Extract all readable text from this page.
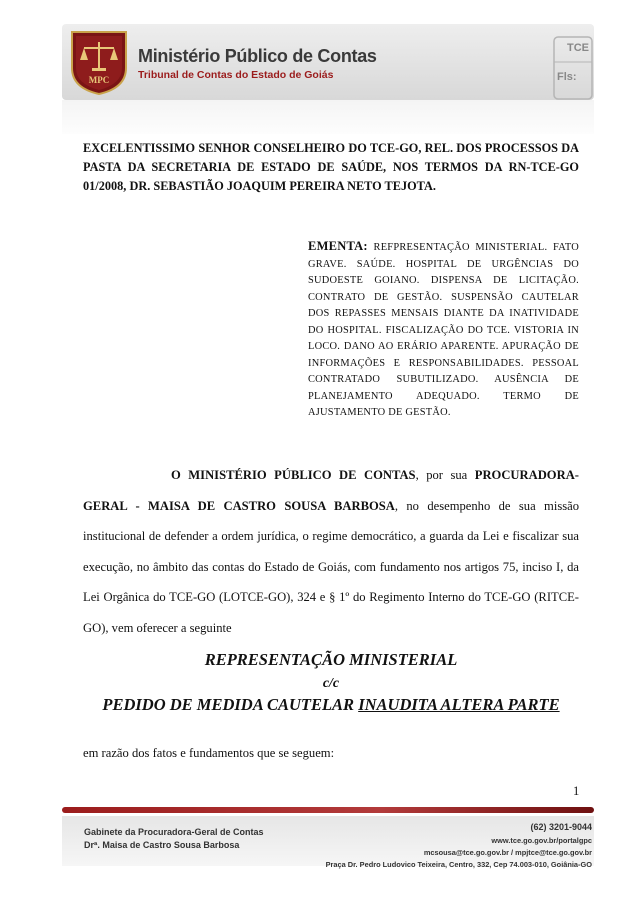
MPC
Ministério Público de Contas
Tribunal de Contas do Estado de Goiás
TCE
Fls:
EXCELENTISSIMO SENHOR CONSELHEIRO DO TCE-GO, REL. DOS PROCESSOS DA PASTA DA SECRETARIA DE ESTADO DE SAÚDE, NOS TERMOS DA RN-TCE-GO 01/2008, DR. SEBASTIÃO JOAQUIM PEREIRA NETO TEJOTA.
EMENTA: REFPRESENTAÇÃO MINISTERIAL. FATO GRAVE. SAÚDE. HOSPITAL DE URGÊNCIAS DO SUDOESTE GOIANO. DISPENSA DE LICITAÇÃO. CONTRATO DE GESTÃO. SUSPENSÃO CAUTELAR DOS REPASSES MENSAIS DIANTE DA INATIVIDADE DO HOSPITAL. FISCALIZAÇÃO DO TCE. VISTORIA IN LOCO. DANO AO ERÁRIO APARENTE. APURAÇÃO DE INFORMAÇÕES E RESPONSABILIDADES. PESSOAL CONTRATADO SUBUTILIZADO. AUSÊNCIA DE PLANEJAMENTO ADEQUADO. TERMO DE AJUSTAMENTO DE GESTÃO.
O MINISTÉRIO PÚBLICO DE CONTAS, por sua PROCURADORA-GERAL - MAISA DE CASTRO SOUSA BARBOSA, no desempenho de sua missão institucional de defender a ordem jurídica, o regime democrático, a guarda da Lei e fiscalizar sua execução, no âmbito das contas do Estado de Goiás, com fundamento nos artigos 75, inciso I, da Lei Orgânica do TCE-GO (LOTCE-GO), 324 e § 1º do Regimento Interno do TCE-GO (RITCE-GO), vem oferecer a seguinte
REPRESENTAÇÃO MINISTERIAL
c/c
PEDIDO DE MEDIDA CAUTELAR INAUDITA ALTERA PARTE
em razão dos fatos e fundamentos que se seguem:
1
Gabinete da Procuradora-Geral de Contas
Drª. Maisa de Castro Sousa Barbosa
(62) 3201-9044
www.tce.go.gov.br/portalgpc
mcsousa@tce.go.gov.br / mpjtce@tce.go.gov.br
Praça Dr. Pedro Ludovico Teixeira, Centro, 332, Cep 74.003-010, Goiânia-GO
